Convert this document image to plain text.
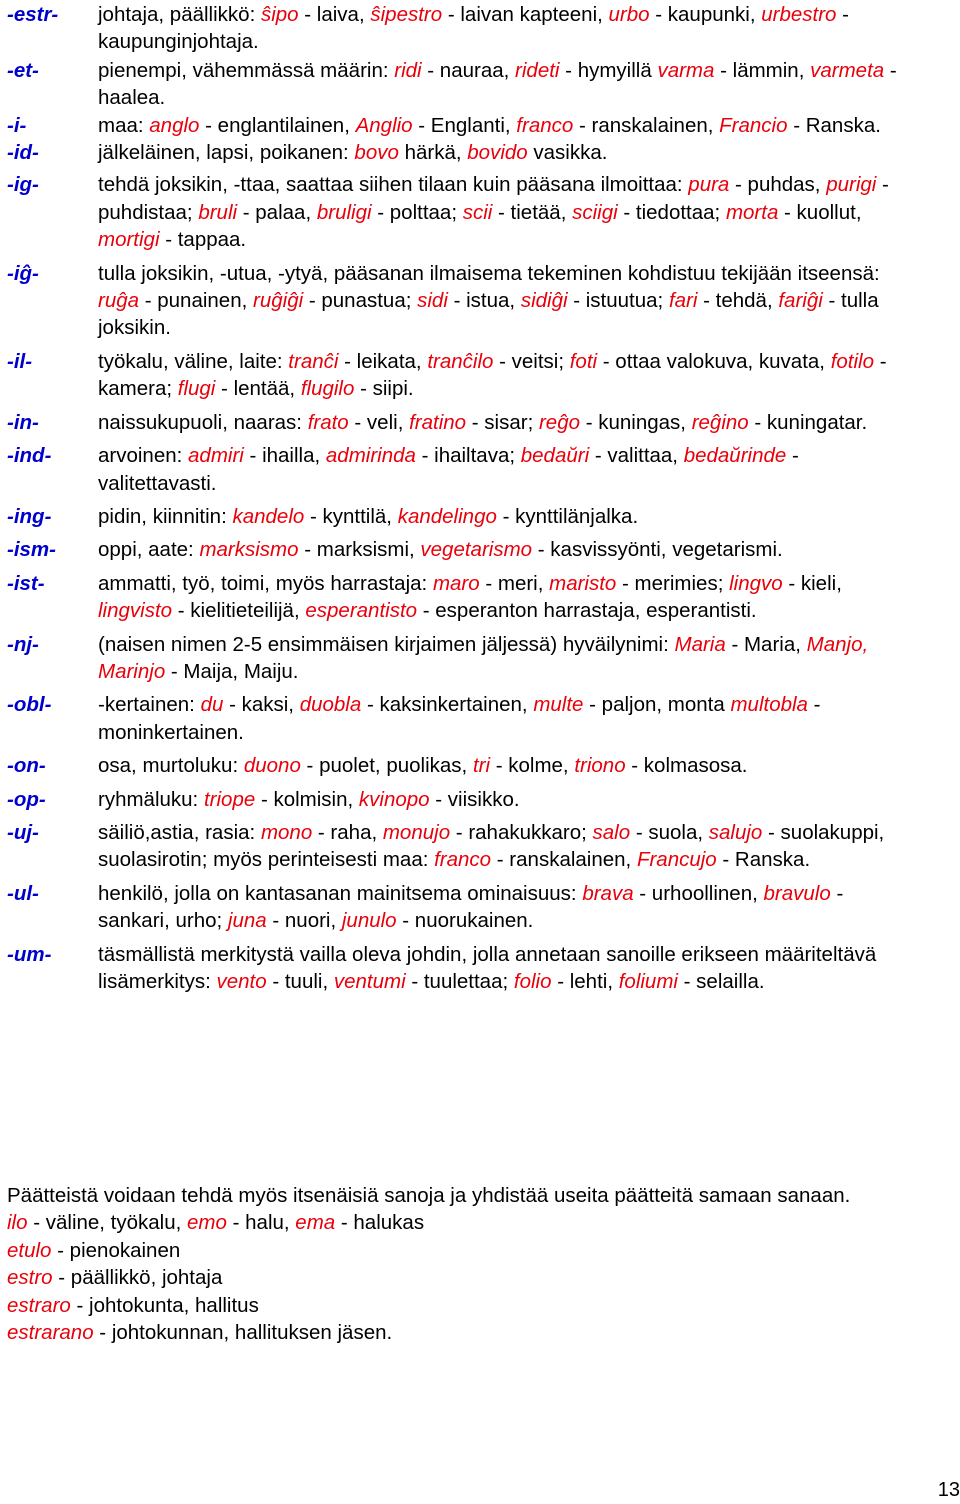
-estr-	johtaja, päällikkö: ŝipo - laiva, ŝipestro - laivan kapteeni, urbo - kaupunki, urbestro - kaupunginjohtaja.
-et-	pienempi, vähemmässä määrin: ridi - nauraa, rideti - hymyillä varma - lämmin, varmeta - haalea.
-i-	maa: anglo - englantilainen, Anglio - Englanti, franco - ranskalainen, Francio - Ranska.
-id-	jälkeläinen, lapsi, poikanen: bovo härkä, bovido vasikka.
-ig-	tehdä joksikin, -ttaa, saattaa siihen tilaan kuin pääsana ilmoittaa: pura - puhdas, purigi - puhdistaa; bruli - palaa, bruligi - polttaa; scii - tietää, sciigi - tiedottaa; morta - kuollut, mortigi - tappaa.
-iĝ-	tulla joksikin, -utua, -ytyä, pääsanan ilmaisema tekeminen kohdistuu tekijään itseensä: ruĝa - punainen, ruĝiĝi - punastua; sidi - istua, sidiĝi - istuutua; fari - tehdä, fariĝi - tulla joksikin.
-il-	työkalu, väline, laite: tranĉi - leikata, tranĉilo - veitsi; foti - ottaa valokuva, kuvata, fotilo - kamera; flugi - lentää, flugilo - siipi.
-in-	naissukupuoli, naaras: frato - veli, fratino - sisar; reĝo - kuningas, reĝino - kuningatar.
-ind-	arvoinen: admiri - ihailla, admirinda - ihailtava; bedaŭri - valittaa, bedaŭrinde - valitettavasti.
-ing-	pidin, kiinnitin: kandelo - kynttilä, kandelingo - kynttilänjalka.
-ism-	oppi, aate: marksismo - marksismi, vegetarismo - kasvissyönti, vegetarismi.
-ist-	ammatti, työ, toimi, myös harrastaja: maro - meri, maristo - merimies; lingvo - kieli, lingvisto - kielitieteilijä, esperantisto - esperanton harrastaja, esperantisti.
-nj-	(naisen nimen 2-5 ensimmäisen kirjaimen jäljessä) hyväilynimi: Maria - Maria, Manjo, Marinjo - Maija, Maiju.
-obl-	-kertainen: du - kaksi, duobla - kaksinkertainen, multe - paljon, monta multobla - moninkertainen.
-on-	osa, murtoluku: duono - puolet, puolikas, tri - kolme, triono - kolmasosa.
-op-	ryhmäluku: triope - kolmisin, kvinopo - viisikko.
-uj-	säiliö,astia, rasia: mono - raha, monujo - rahakukkaro; salo - suola, salujo - suolakuppi, suolasirotin; myös perinteisesti maa: franco - ranskalainen, Francujo - Ranska.
-ul-	henkilö, jolla on kantasanan mainitsema ominaisuus: brava - urhoollinen, bravulo - sankari, urho; juna - nuori, junulo - nuorukainen.
-um-	täsmällistä merkitystä vailla oleva johdin, jolla annetaan sanoille erikseen määriteltävä lisämerkitys: vento - tuuli, ventumi - tuulettaa; folio - lehti, foliumi - selailla.

Päätteistä voidaan tehdä myös itsenäisiä sanoja ja yhdistää useita päätteitä samaan sanaan.

ilo - väline, työkalu, emo - halu, ema - halukas
etulo - pienokainen
estro - päällikkö, johtaja
estraro - johtokunta, hallitus
estrarano - johtokunnan, hallituksen jäsen.
13
